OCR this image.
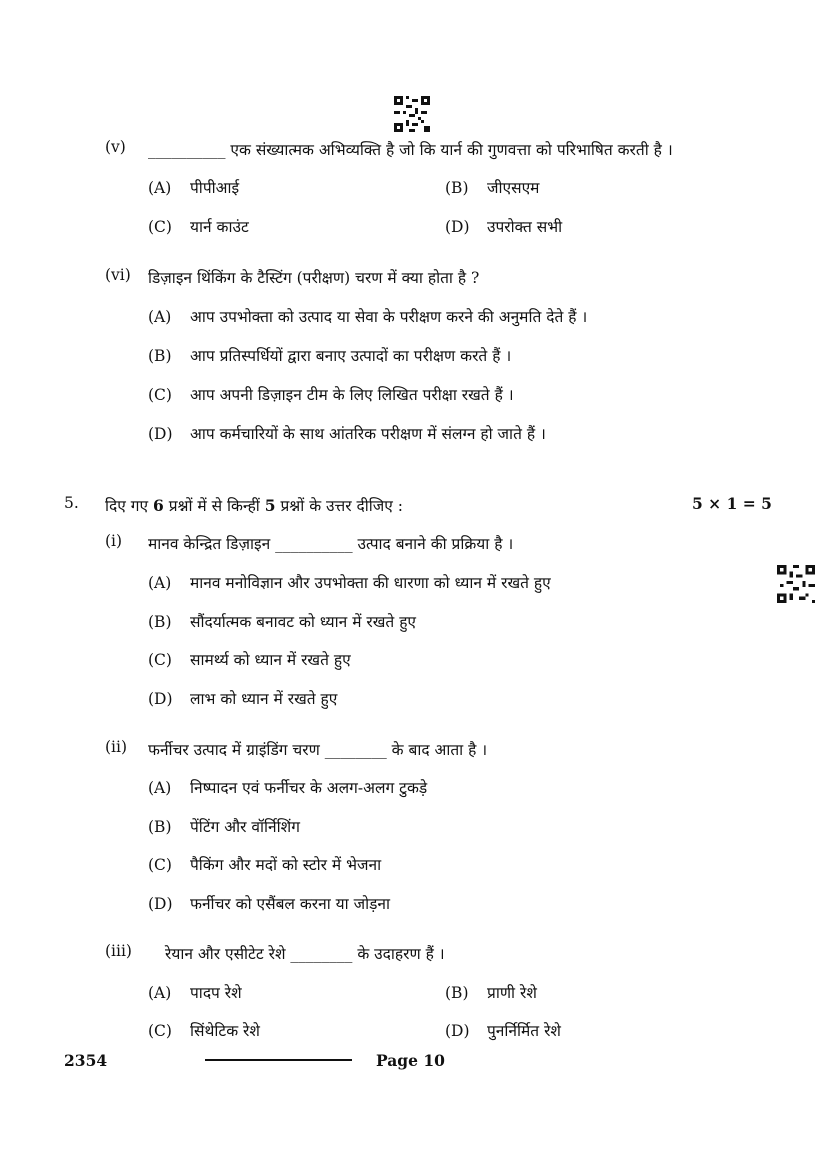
(v) __________ एक संख्यात्मक अभिव्यक्ति है जो कि यार्न की गुणवत्ता को परिभाषित करती है ।
(A) पीपीआई	(B) जीएसएम
(C) यार्न काउंट	(D) उपरोक्त सभी
(vi) डिज़ाइन थिंकिंग के टैस्टिंग (परीक्षण) चरण में क्या होता है ?
(A) आप उपभोक्ता को उत्पाद या सेवा के परीक्षण करने की अनुमति देते हैं ।
(B) आप प्रतिस्पर्धियों द्वारा बनाए उत्पादों का परीक्षण करते हैं ।
(C) आप अपनी डिज़ाइन टीम के लिए लिखित परीक्षा रखते हैं ।
(D) आप कर्मचारियों के साथ आंतरिक परीक्षण में संलग्न हो जाते हैं ।
5. दिए गए 6 प्रश्नों में से किन्हीं 5 प्रश्नों के उत्तर दीजिए :	5 × 1 = 5
(i) मानव केन्द्रित डिज़ाइन __________ उत्पाद बनाने की प्रक्रिया है ।
(A) मानव मनोविज्ञान और उपभोक्ता की धारणा को ध्यान में रखते हुए
(B) सौंदर्यात्मक बनावट को ध्यान में रखते हुए
(C) सामर्थ्य को ध्यान में रखते हुए
(D) लाभ को ध्यान में रखते हुए
(ii) फर्नीचर उत्पाद में ग्राइंडिंग चरण ________ के बाद आता है ।
(A) निष्पादन एवं फर्नीचर के अलग-अलग टुकड़े
(B) पेंटिंग और वॉर्निशिंग
(C) पैकिंग और मदों को स्टोर में भेजना
(D) फर्नीचर को एसैंबल करना या जोड़ना
(iii) रेयान और एसीटेट रेशे ________ के उदाहरण हैं ।
(A) पादप रेशे	(B) प्राणी रेशे
(C) सिंथेटिक रेशे	(D) पुनर्निर्मित रेशे
2354	Page 10
